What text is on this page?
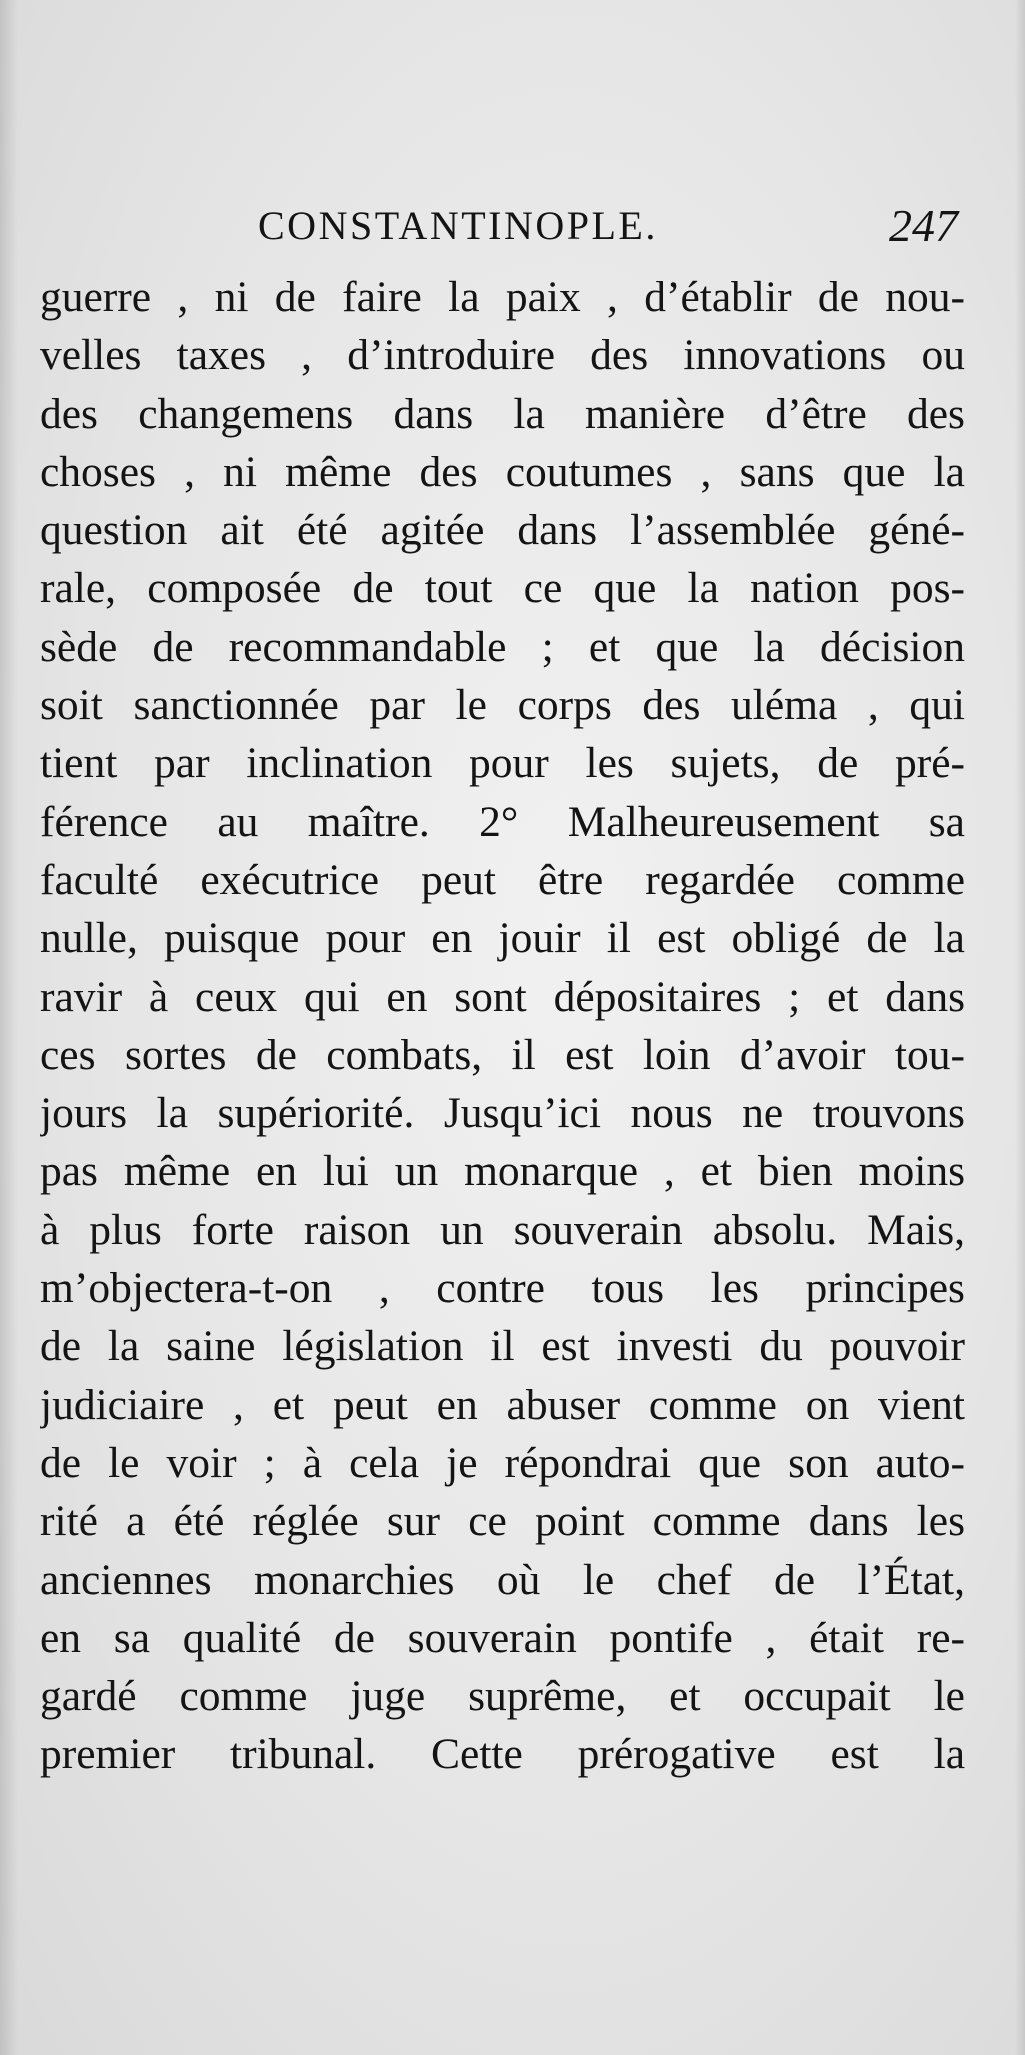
CONSTANTINOPLE.	247
guerre , ni de faire la paix , d’établir de nou-
velles taxes , d’introduire des innovations ou
des changemens dans la manière d’être des
choses , ni même des coutumes , sans que la
question ait été agitée dans l’assemblée géné-
rale, composée de tout ce que la nation pos-
sède de recommandable ; et que la décision
soit sanctionnée par le corps des uléma , qui
tient par inclination pour les sujets, de pré-
férence au maître. 2° Malheureusement sa
faculté exécutrice peut être regardée comme
nulle, puisque pour en jouir il est obligé de la
ravir à ceux qui en sont dépositaires ; et dans
ces sortes de combats, il est loin d’avoir tou-
jours la supériorité. Jusqu’ici nous ne trouvons
pas même en lui un monarque , et bien moins
à plus forte raison un souverain absolu. Mais,
m’objectera-t-on , contre tous les principes
de la saine législation il est investi du pouvoir
judiciaire , et peut en abuser comme on vient
de le voir ; à cela je répondrai que son auto-
rité a été réglée sur ce point comme dans les
anciennes monarchies où le chef de l’État,
en sa qualité de souverain pontife , était re-
gardé comme juge suprême, et occupait le
premier tribunal. Cette prérogative est la
